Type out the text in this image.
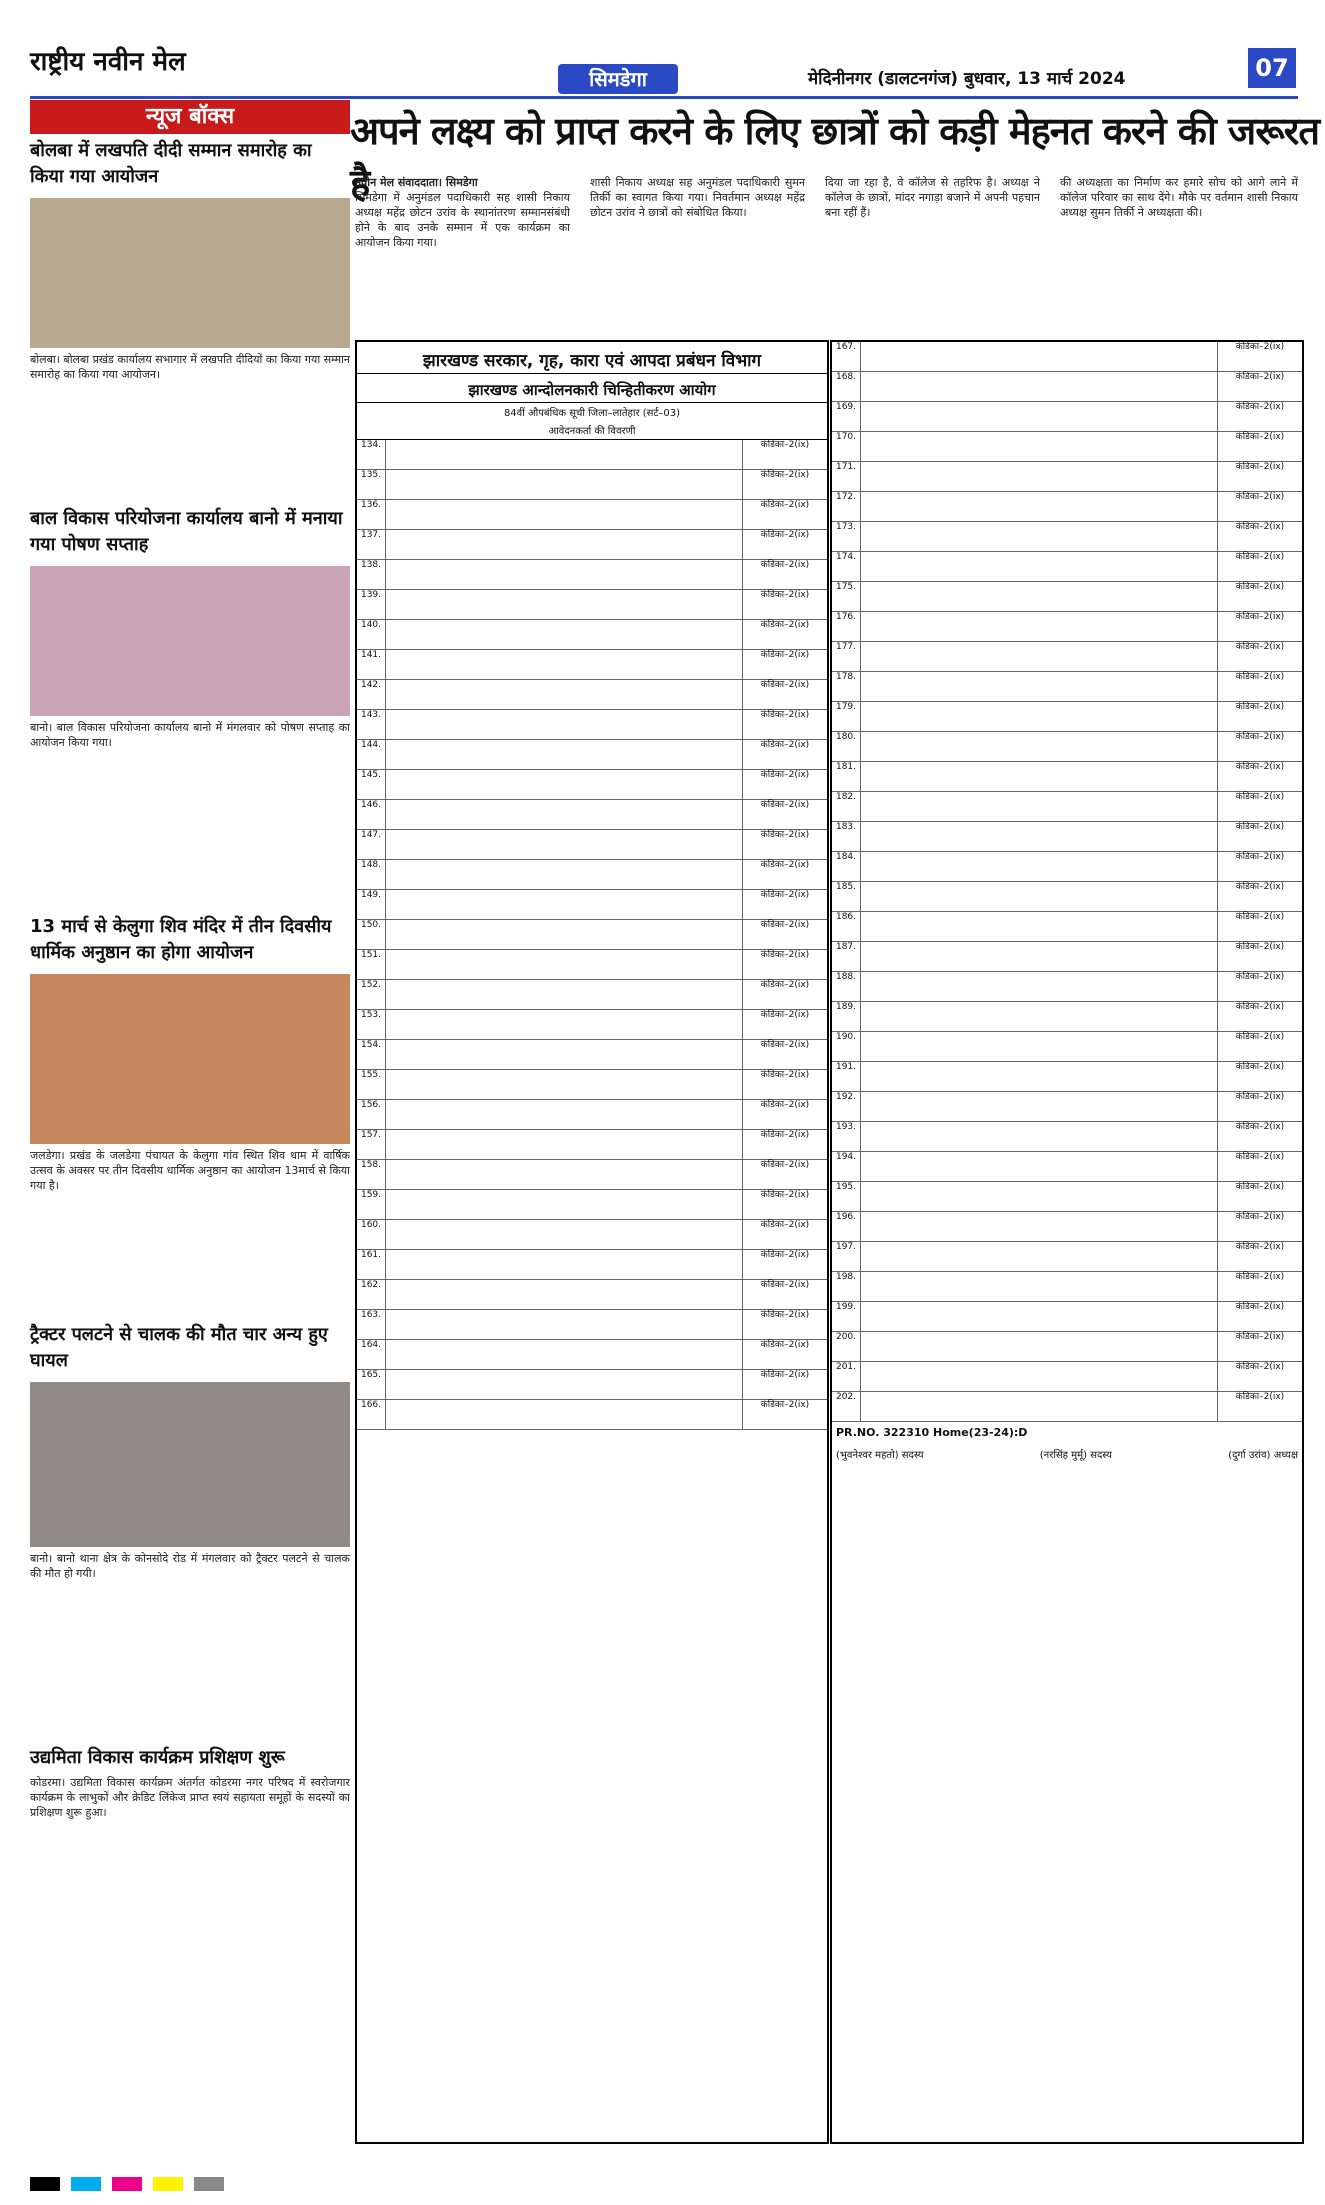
राष्ट्रीय नवीन मेल
सिमडेगा	मेदिनीनगर (डालटनगंज) बुधवार, 13 मार्च 2024	07
अपने लक्ष्य को प्राप्त करने के लिए छात्रों को कड़ी मेहनत करने की जरूरत है
न्यूज बॉक्स
बोलबा में लखपति दीदी सम्मान समारोह का किया गया आयोजन
बोलबा। बोलबा प्रखंड कार्यालय सभागार में लखपति दीदियों का किया गया सम्मान समारोह का किया गया आयोजन।
बाल विकास परियोजना कार्यालय बानो में मनाया गया पोषण सप्ताह
बानो। बाल विकास परियोजना कार्यालय बानो में मंगलवार को पोषण सप्ताह का आयोजन किया गया।
13 मार्च से केलुगा शिव मंदिर में तीन दिवसीय धार्मिक अनुष्ठान का होगा आयोजन
जलडेगा। प्रखंड के जलडेगा पंचायत के केलुगा गांव स्थित शिव धाम में वार्षिक उत्सव के अवसर पर तीन दिवसीय धार्मिक अनुष्ठान का आयोजन 13मार्च से किया गया है।
ट्रैक्टर पलटने से चालक की मौत चार अन्य हुए घायल
बानो। बानो थाना क्षेत्र के कोनसोदे रोड में मंगलवार को ट्रैक्टर पलटने से चालक की मौत हो गयी।
उद्यमिता विकास कार्यक्रम प्रशिक्षण शुरू
कोडरमा। उद्यमिता विकास कार्यक्रम अंतर्गत कोडरमा नगर परिषद में स्वरोजगार कार्यक्रम के लाभुकों और क्रेडिट लिंकेज प्राप्त स्वयं सहायता समूहों के सदस्यों का प्रशिक्षण शुरू हुआ।
नवीन मेल संवाददाता। सिमडेगा
सिमडेगा में अनुमंडल पदाधिकारी सह शासी निकाय अध्यक्ष महेंद्र छोटन उरांव के स्थानांतरण सम्मानसंबंधी होने के बाद उनके सम्मान में एक कार्यक्रम का आयोजन किया गया।
शासी निकाय अध्यक्ष सह अनुमंडल पदाधिकारी सुमन तिर्की का स्वागत किया गया। निवर्तमान अध्यक्ष महेंद्र छोटन उरांव ने छात्रों को संबोधित किया।
दिया जा रहा है, वे कॉलेज से तहरिफ है। अध्यक्ष ने कॉलेज के छात्रों, मांदर नगाड़ा बजाने में अपनी पहचान बना रहीं हैं।
की अध्यक्षता का निर्माण कर हमारे सोच को आगे लाने में कॉलेज परिवार का साथ देंगे। मौके पर वर्तमान शासी निकाय अध्यक्ष सुमन तिर्की ने अध्यक्षता की।
झारखण्ड सरकार, गृह, कारा एवं आपदा प्रबंधन विभाग
झारखण्ड आन्दोलनकारी चिन्हितीकरण आयोग
84वीं औपबंधिक सूची जिला–लातेहार (सर्ट–03)
आवेदनकर्ता की विवरणी
134.	कंडिका–2(ix)
135.	कंडिका–2(ix)
136.	कंडिका–2(ix)
137.	कंडिका–2(ix)
138.	कंडिका–2(ix)
139.	कंडिका–2(ix)
140.	कंडिका–2(ix)
141.	कंडिका–2(ix)
142.	कंडिका–2(ix)
143.	कंडिका–2(ix)
144.	कंडिका–2(ix)
145.	कंडिका–2(ix)
146.	कंडिका–2(ix)
147.	कंडिका–2(ix)
148.	कंडिका–2(ix)
149.	कंडिका–2(ix)
150.	कंडिका–2(ix)
151.	कंडिका–2(ix)
152.	कंडिका–2(ix)
153.	कंडिका–2(ix)
154.	कंडिका–2(ix)
155.	कंडिका–2(ix)
156.	कंडिका–2(ix)
157.	कंडिका–2(ix)
158.	कंडिका–2(ix)
159.	कंडिका–2(ix)
160.	कंडिका–2(ix)
161.	कंडिका–2(ix)
162.	कंडिका–2(ix)
163.	कंडिका–2(ix)
164.	कंडिका–2(ix)
165.	कंडिका–2(ix)
166.	कंडिका–2(ix)
167.	कंडिका–2(ix)
168.	कंडिका–2(ix)
169.	कंडिका–2(ix)
170.	कंडिका–2(ix)
171.	कंडिका–2(ix)
172.	कंडिका–2(ix)
173.	कंडिका–2(ix)
174.	कंडिका–2(ix)
175.	कंडिका–2(ix)
176.	कंडिका–2(ix)
177.	कंडिका–2(ix)
178.	कंडिका–2(ix)
179.	कंडिका–2(ix)
180.	कंडिका–2(ix)
181.	कंडिका–2(ix)
182.	कंडिका–2(ix)
183.	कंडिका–2(ix)
184.	कंडिका–2(ix)
185.	कंडिका–2(ix)
186.	कंडिका–2(ix)
187.	कंडिका–2(ix)
188.	कंडिका–2(ix)
189.	कंडिका–2(ix)
190.	कंडिका–2(ix)
191.	कंडिका–2(ix)
192.	कंडिका–2(ix)
193.	कंडिका–2(ix)
194.	कंडिका–2(ix)
195.	कंडिका–2(ix)
196.	कंडिका–2(ix)
197.	कंडिका–2(ix)
198.	कंडिका–2(ix)
199.	कंडिका–2(ix)
200.	कंडिका–2(ix)
201.	कंडिका–2(ix)
202.	कंडिका–2(ix)
PR.NO. 322310 Home(23-24):D
(भुवनेश्वर महतो) सदस्य	(नरसिंह मुर्मू) सदस्य	(दुर्गा उरांव) अध्यक्ष
